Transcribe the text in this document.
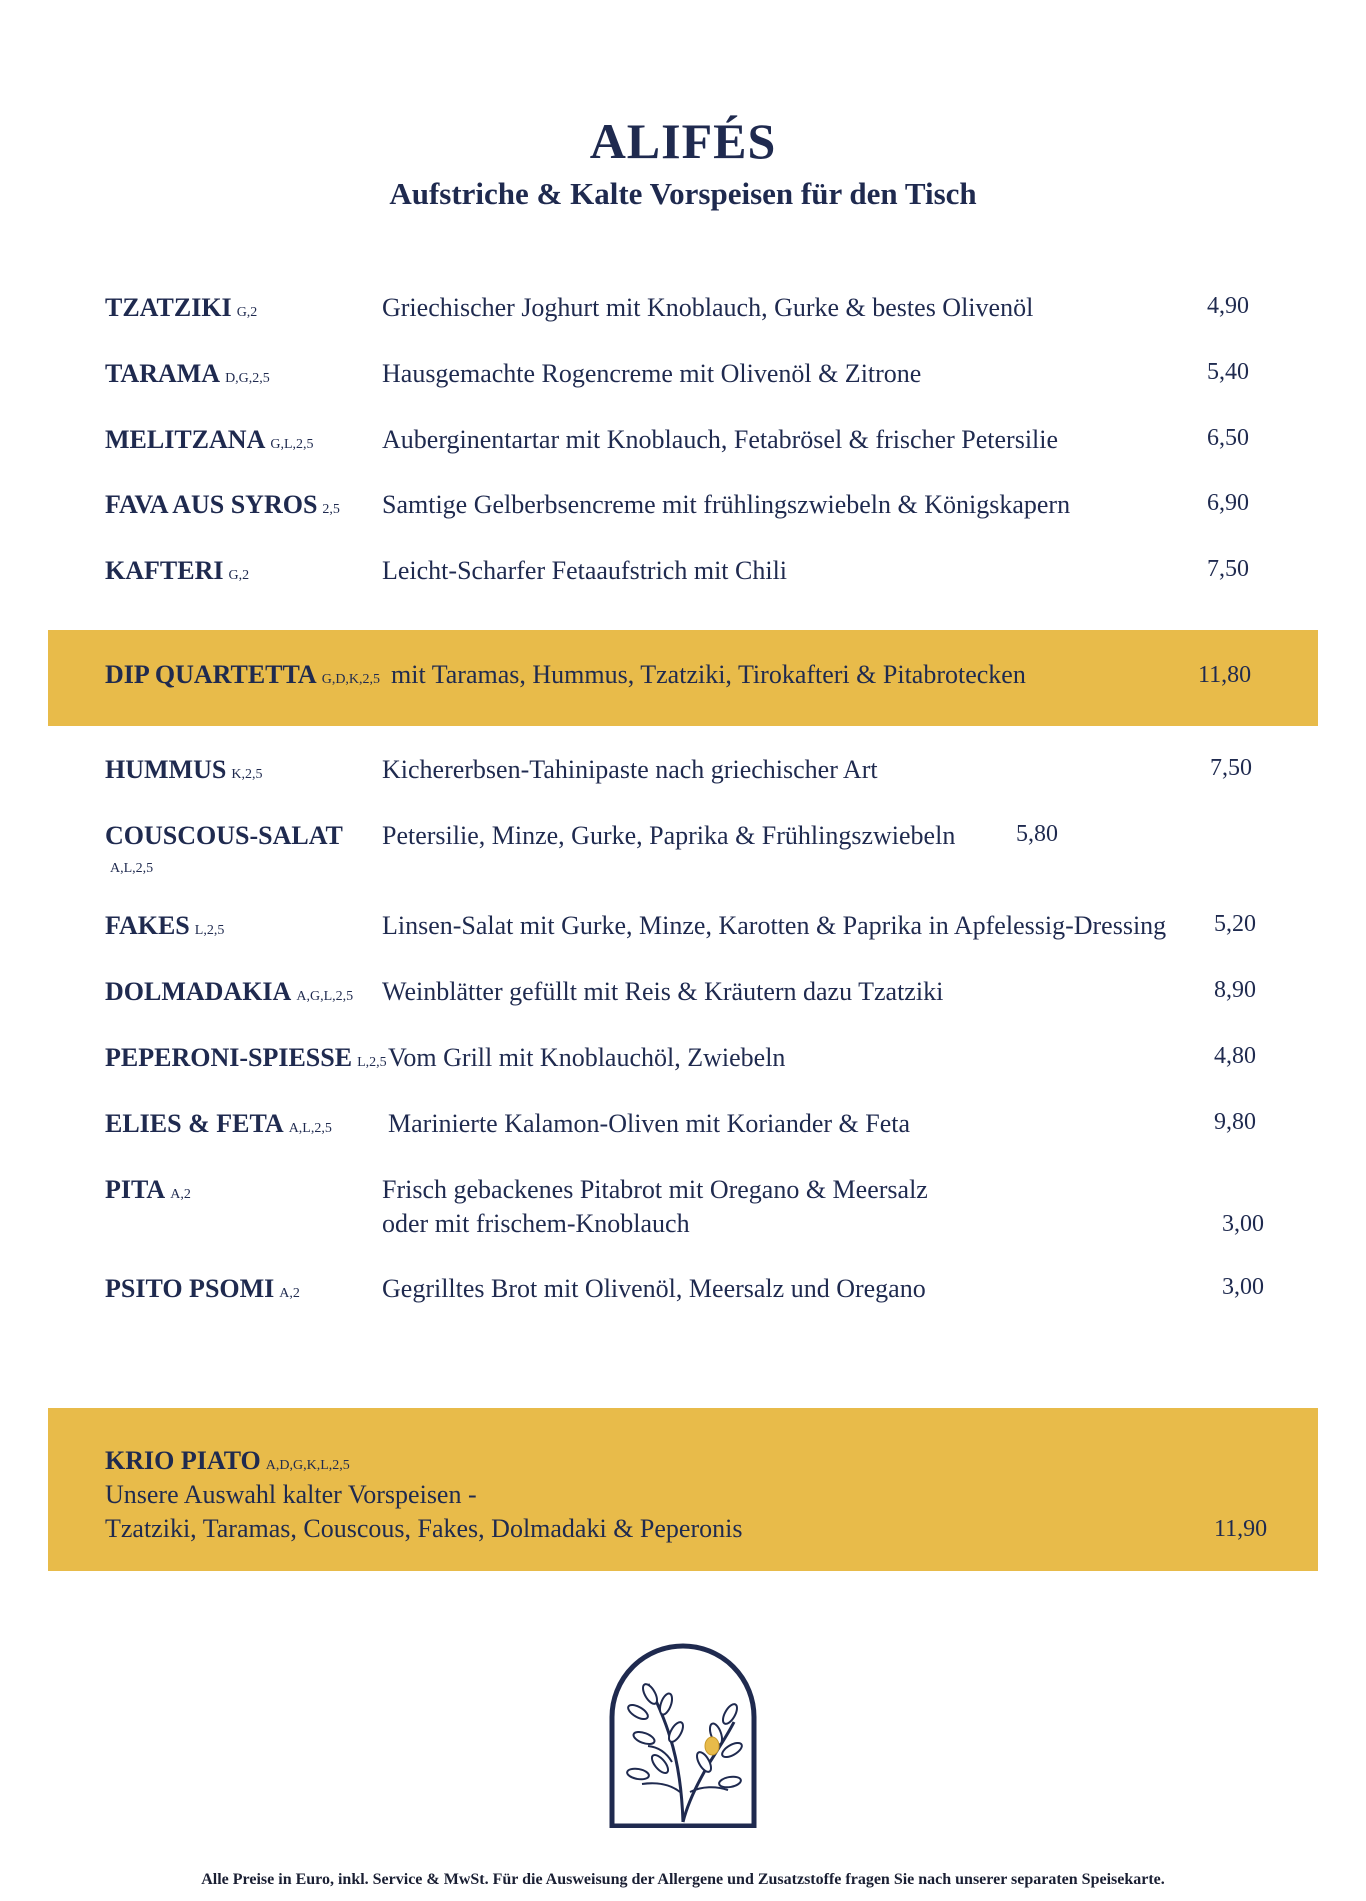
ALIFÉS
Aufstriche & Kalte Vorspeisen für den Tisch
TZATZIKI G,2	Griechischer Joghurt mit Knoblauch, Gurke & bestes Olivenöl	4,90
TARAMA D,G,2,5	Hausgemachte Rogencreme mit Olivenöl & Zitrone	5,40
MELITZANA G,L,2,5	Auberginentartar mit Knoblauch, Fetabrösel & frischer Petersilie	6,50
FAVA AUS SYROS 2,5 Samtige Gelberbsencreme mit frühlingszwiebeln & Königskapern	6,90
KAFTERI G,2	Leicht-Scharfer Fetaaufstrich mit Chili	7,50
DIP QUARTETTA G,D,K,2,5 mit Taramas, Hummus, Tzatziki, Tirokafteri & Pitabrotecken	11,80
HUMMUS K,2,5	Kichererbsen-Tahinipaste nach griechischer Art	7,50
COUSCOUS-SALAT Petersilie, Minze, Gurke, Paprika & Frühlingszwiebeln	5,80
A,L,2,5
FAKES L,2,5	Linsen-Salat mit Gurke, Minze, Karotten & Paprika in Apfelessig-Dressing 5,20
DOLMADAKIA A,G,L,2,5 Weinblätter gefüllt mit Reis & Kräutern dazu Tzatziki	8,90
PEPERONI-SPIESSE L,2,5 Vom Grill mit Knoblauchöl, Zwiebeln	4,80
ELIES & FETA A,L,2,5 Marinierte Kalamon-Oliven mit Koriander & Feta	9,80
PITA A,2	Frisch gebackenes Pitabrot mit Oregano & Meersalz
oder mit frischem-Knoblauch	3,00
PSITO PSOMI A,2	Gegrilltes Brot mit Olivenöl, Meersalz und Oregano	3,00
KRIO PIATO A,D,G,K,L,2,5
Unsere Auswahl kalter Vorspeisen -
Tzatziki, Taramas, Couscous, Fakes, Dolmadaki & Peperonis	11,90
Alle Preise in Euro, inkl. Service & MwSt. Für die Ausweisung der Allergene und Zusatzstoffe fragen Sie nach unserer separaten Speisekarte.
